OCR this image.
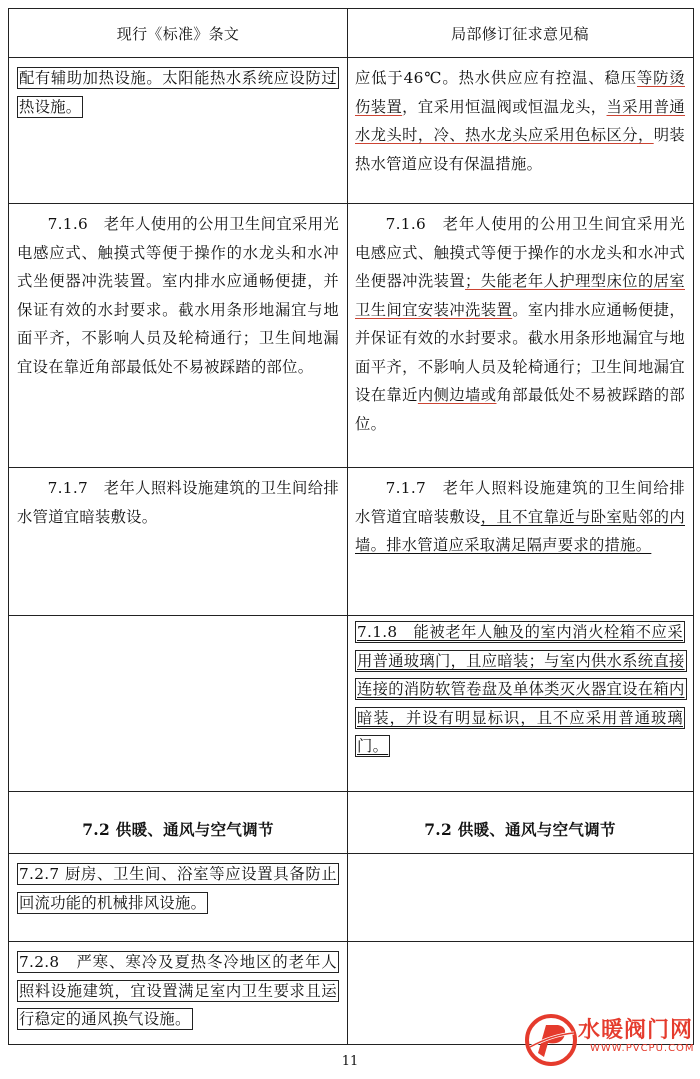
现行《标准》条文	局部修订征求意见稿
配有辅助加热设施。太阳能热水系统应设防过热设施。
应低于46℃。热水供应应有控温、稳压等防烫伤装置，宜采用恒温阀或恒温龙头，当采用普通水龙头时，冷、热水龙头应采用色标区分，明装热水管道应设有保温措施。
7.1.6　老年人使用的公用卫生间宜采用光电感应式、触摸式等便于操作的水龙头和水冲式坐便器冲洗装置。室内排水应通畅便捷，并保证有效的水封要求。截水用条形地漏宜与地面平齐，不影响人员及轮椅通行；卫生间地漏宜设在靠近角部最低处不易被踩踏的部位。
7.1.6　老年人使用的公用卫生间宜采用光电感应式、触摸式等便于操作的水龙头和水冲式坐便器冲洗装置；失能老年人护理型床位的居室卫生间宜安装冲洗装置。室内排水应通畅便捷，并保证有效的水封要求。截水用条形地漏宜与地面平齐，不影响人员及轮椅通行；卫生间地漏宜设在靠近内侧边墙或角部最低处不易被踩踏的部位。
7.1.7　老年人照料设施建筑的卫生间给排水管道宜暗装敷设。
7.1.7　老年人照料设施建筑的卫生间给排水管道宜暗装敷设，且不宜靠近与卧室贴邻的内墙。排水管道应采取满足隔声要求的措施。
7.1.8　能被老年人触及的室内消火栓箱不应采用普通玻璃门，且应暗装；与室内供水系统直接连接的消防软管卷盘及单体类灭火器宜设在箱内暗装，并设有明显标识，且不应采用普通玻璃门。
7.2 供暖、通风与空气调节	7.2 供暖、通风与空气调节
7.2.7 厨房、卫生间、浴室等应设置具备防止回流功能的机械排风设施。
7.2.8　严寒、寒冷及夏热冬冷地区的老年人照料设施建筑，宜设置满足室内卫生要求且运行稳定的通风换气设施。
11
水暖阀门网
WWW.PVCPU.COM
